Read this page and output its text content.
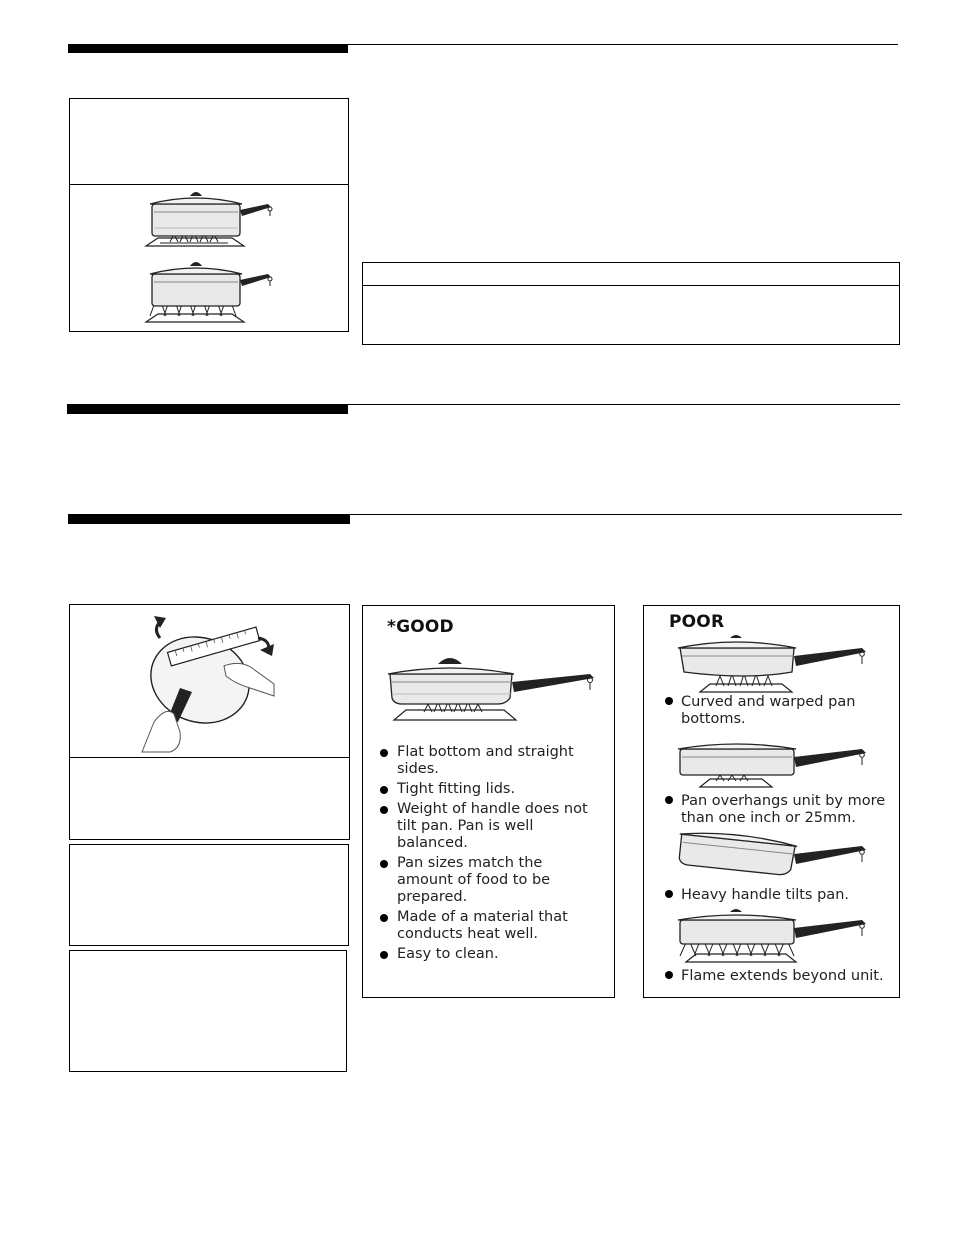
*GOOD
Flat bottom and straight sides.
Tight fitting lids.
Weight of handle does not tilt pan. Pan is well balanced.
Pan sizes match the amount of food to be prepared.
Made of a material that conducts heat well.
Easy to clean.
POOR
Curved and warped pan
bottoms.
Pan overhangs unit by more
than one inch or 25mm.
Heavy handle tilts pan.
Flame extends beyond unit.
